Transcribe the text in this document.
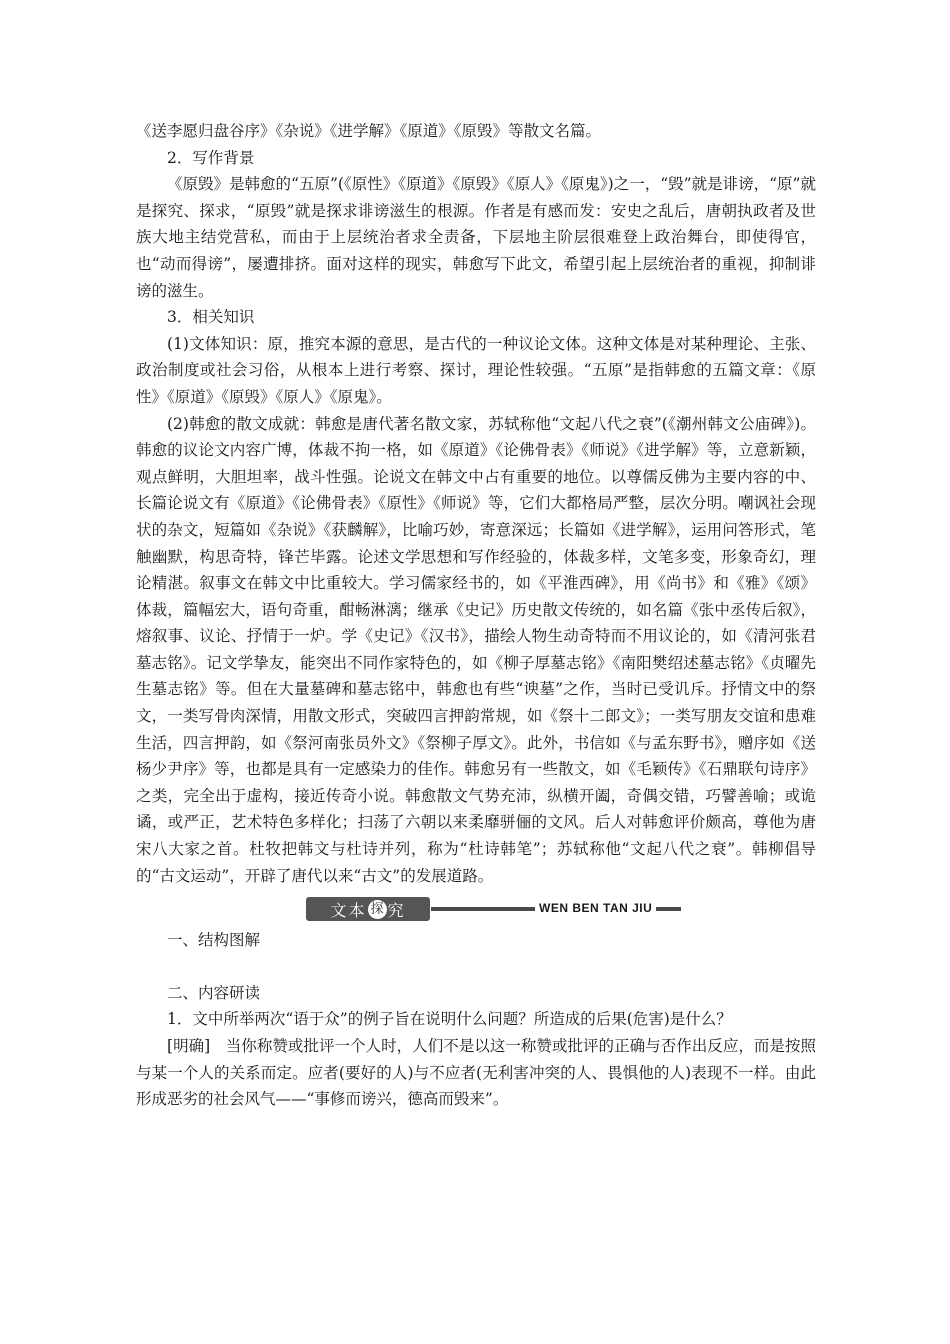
《送李愿归盘谷序》《杂说》《进学解》《原道》《原毁》等散文名篇。

2．写作背景

《原毁》是韩愈的“五原”(《原性》《原道》《原毁》《原人》《原鬼》)之一，“毁”就是诽谤，“原”就是探究、探求，“原毁”就是探求诽谤滋生的根源。作者是有感而发：安史之乱后，唐朝执政者及世族大地主结党营私，而由于上层统治者求全责备，下层地主阶层很难登上政治舞台，即使得官，也“动而得谤”，屡遭排挤。面对这样的现实，韩愈写下此文，希望引起上层统治者的重视，抑制诽谤的滋生。

3．相关知识

(1)文体知识：原，推究本源的意思，是古代的一种议论文体。这种文体是对某种理论、主张、政治制度或社会习俗，从根本上进行考察、探讨，理论性较强。“五原”是指韩愈的五篇文章：《原性》《原道》《原毁》《原人》《原鬼》。

(2)韩愈的散文成就：韩愈是唐代著名散文家，苏轼称他“文起八代之衰”(《潮州韩文公庙碑》)。韩愈的议论文内容广博，体裁不拘一格，如《原道》《论佛骨表》《师说》《进学解》等，立意新颖，观点鲜明，大胆坦率，战斗性强。论说文在韩文中占有重要的地位。以尊儒反佛为主要内容的中、长篇论说文有《原道》《论佛骨表》《原性》《师说》等，它们大都格局严整，层次分明。嘲讽社会现状的杂文，短篇如《杂说》《获麟解》，比喻巧妙，寄意深远；长篇如《进学解》，运用问答形式，笔触幽默，构思奇特，锋芒毕露。论述文学思想和写作经验的，体裁多样，文笔多变，形象奇幻，理论精湛。叙事文在韩文中比重较大。学习儒家经书的，如《平淮西碑》，用《尚书》和《雅》《颂》体裁，篇幅宏大，语句奇重，酣畅淋漓；继承《史记》历史散文传统的，如名篇《张中丞传后叙》，熔叙事、议论、抒情于一炉。学《史记》《汉书》，描绘人物生动奇特而不用议论的，如《清河张君墓志铭》。记文学挚友，能突出不同作家特色的，如《柳子厚墓志铭》《南阳樊绍述墓志铭》《贞曜先生墓志铭》等。但在大量墓碑和墓志铭中，韩愈也有些“谀墓”之作，当时已受讥斥。抒情文中的祭文，一类写骨肉深情，用散文形式，突破四言押韵常规，如《祭十二郎文》；一类写朋友交谊和患难生活，四言押韵，如《祭河南张员外文》《祭柳子厚文》。此外，书信如《与孟东野书》，赠序如《送杨少尹序》等，也都是具有一定感染力的佳作。韩愈另有一些散文，如《毛颖传》《石鼎联句诗序》之类，完全出于虚构，接近传奇小说。韩愈散文气势充沛，纵横开阖，奇偶交错，巧譬善喻；或诡谲，或严正，艺术特色多样化；扫荡了六朝以来柔靡骈俪的文风。后人对韩愈评价颇高，尊他为唐宋八大家之首。杜牧把韩文与杜诗并列，称为“杜诗韩笔”；苏轼称他“文起八代之衰”。韩柳倡导的“古文运动”，开辟了唐代以来“古文”的发展道路。

文本 探 究	WEN BEN TAN JIU

一、结构图解

二、内容研读

1．文中所举两次“语于众”的例子旨在说明什么问题？所造成的后果(危害)是什么？

[明确]　当你称赞或批评一个人时，人们不是以这一称赞或批评的正确与否作出反应，而是按照与某一个人的关系而定。应者(要好的人)与不应者(无利害冲突的人、畏惧他的人)表现不一样。由此形成恶劣的社会风气——“事修而谤兴，德高而毁来”。
